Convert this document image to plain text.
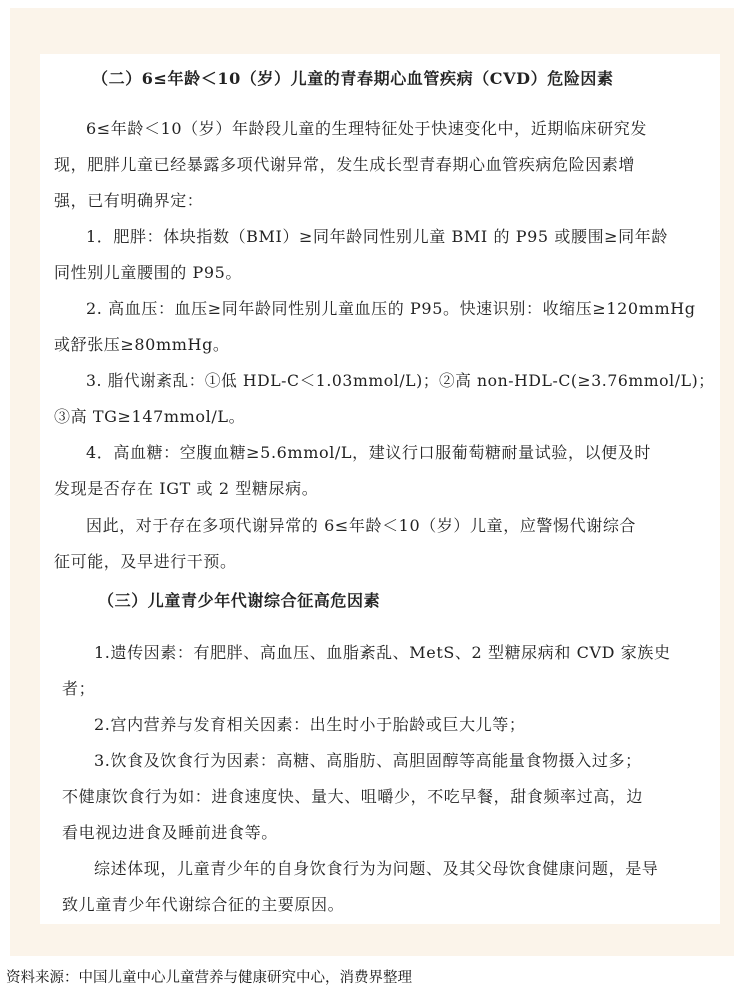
（二）6≤年龄＜10（岁）儿童的青春期心血管疾病（CVD）危险因素

6≤年龄＜10（岁）年龄段儿童的生理特征处于快速变化中，近期临床研究发

现，肥胖儿童已经暴露多项代谢异常，发生成长型青春期心血管疾病危险因素增

强，已有明确界定：

1．肥胖：体块指数（BMI）≥同年龄同性别儿童 BMI 的 P95 或腰围≥同年龄

同性别儿童腰围的 P95。

2. 高血压：血压≥同年龄同性别儿童血压的 P95。快速识别：收缩压≥120mmHg

或舒张压≥80mmHg。

3. 脂代谢紊乱：①低 HDL-C＜1.03mmol/L)；②高 non-HDL-C(≥3.76mmol/L)；

③高 TG≥147mmol/L。

4．高血糖：空腹血糖≥5.6mmol/L，建议行口服葡萄糖耐量试验，以便及时

发现是否存在 IGT 或 2 型糖尿病。

因此，对于存在多项代谢异常的 6≤年龄＜10（岁）儿童，应警惕代谢综合

征可能，及早进行干预。

（三）儿童青少年代谢综合征高危因素

1.遗传因素：有肥胖、高血压、血脂紊乱、MetS、2 型糖尿病和 CVD 家族史

者；

2.宫内营养与发育相关因素：出生时小于胎龄或巨大儿等；

3.饮食及饮食行为因素：高糖、高脂肪、高胆固醇等高能量食物摄入过多；

不健康饮食行为如：进食速度快、量大、咀嚼少，不吃早餐，甜食频率过高，边

看电视边进食及睡前进食等。

综述体现，儿童青少年的自身饮食行为为问题、及其父母饮食健康问题，是导

致儿童青少年代谢综合征的主要原因。

资料来源：中国儿童中心儿童营养与健康研究中心，消费界整理
